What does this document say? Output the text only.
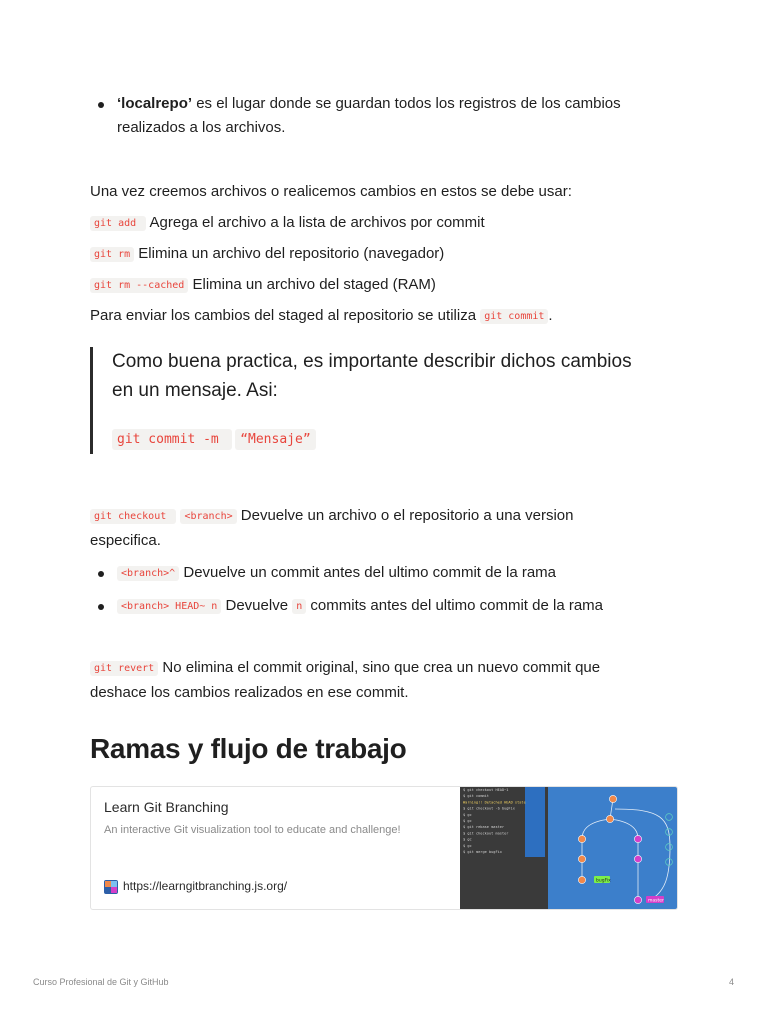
‘localrepo’ es el lugar donde se guardan todos los registros de los cambios
realizados a los archivos.
Una vez creemos archivos o realicemos cambios en estos se debe usar:
git add  Agrega el archivo a la lista de archivos por commit
git rm Elimina un archivo del repositorio (navegador)
git rm --cached Elimina un archivo del staged (RAM)
Para enviar los cambios del staged al repositorio se utiliza git commit .
Como buena practica, es importante describir dichos cambios
en un mensaje. Asi:
git commit -m  “Mensaje”
git checkout  <branch> Devuelve un archivo o el repositorio a una version
especifica.
<branch>^ Devuelve un commit antes del ultimo commit de la rama
<branch> HEAD~ n Devuelve n commits antes del ultimo commit de la rama
git revert No elimina el commit original, sino que crea un nuevo commit que
deshace los cambios realizados en ese commit.
Ramas y flujo de trabajo
Learn Git Branching
An interactive Git visualization tool to educate and challenge!
https://learngitbranching.js.org/
$ git checkout HEAD~1
$ git commit
Warning!! Detached HEAD state
$ git checkout -b bugFix
$ gc
$ gc
$ git rebase master
$ git checkout master
$ gc
$ gc
$ git merge bugFix
bugFix
master
Curso Profesional de Git y GitHub	4
